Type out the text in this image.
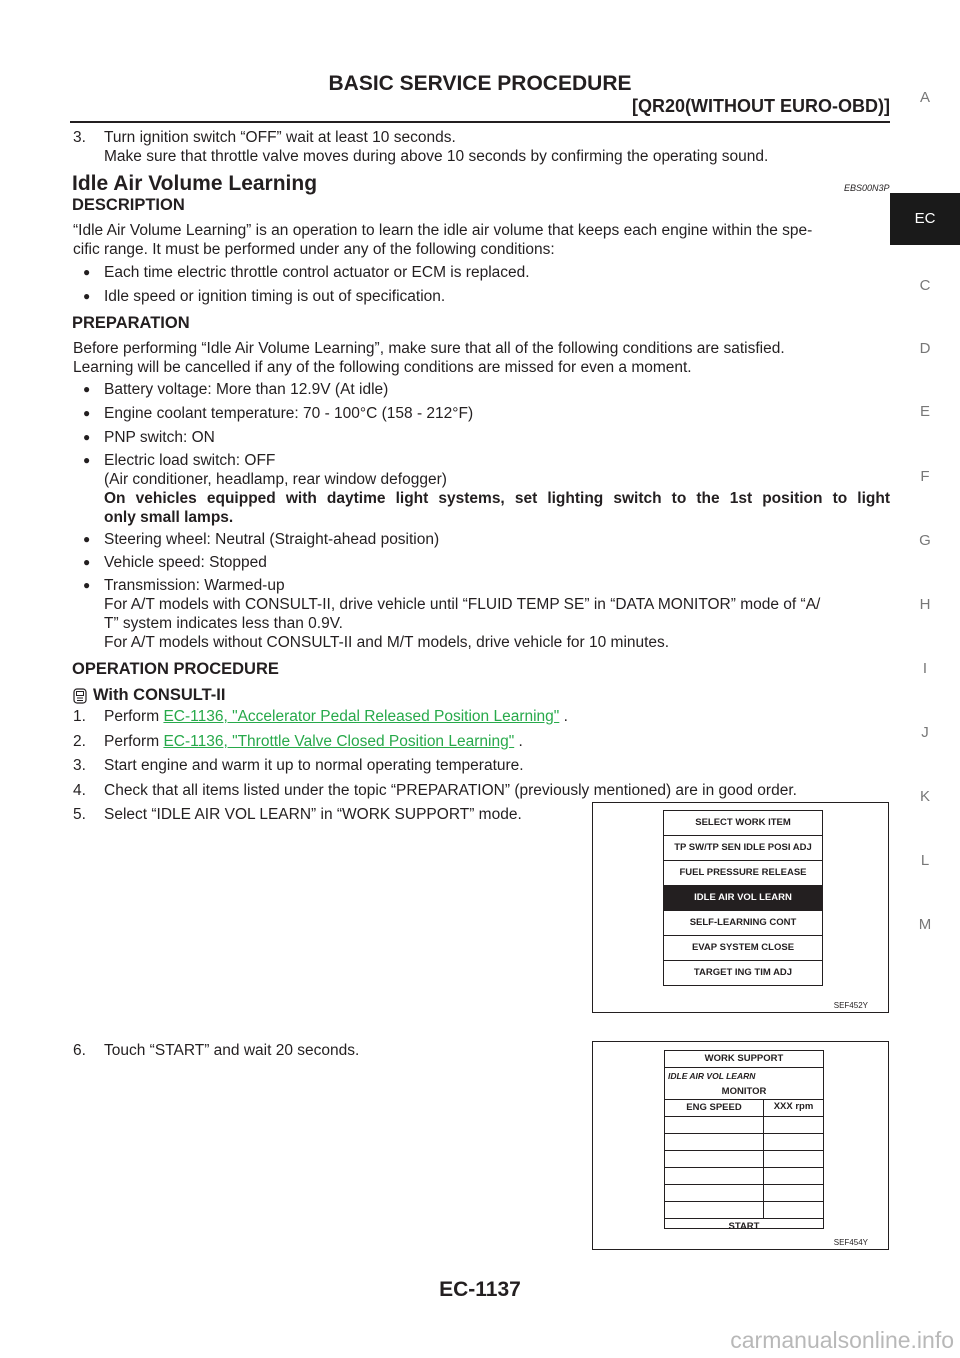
BASIC SERVICE PROCEDURE
[QR20(WITHOUT EURO-OBD)]	A
EC
C
D
E
F
G
H
I
J
K
L
M
3. Turn ignition switch “OFF” wait at least 10 seconds.
Make sure that throttle valve moves during above 10 seconds by confirming the operating sound.
Idle Air Volume Learning	EBS00N3P
DESCRIPTION
“Idle Air Volume Learning” is an operation to learn the idle air volume that keeps each engine within the spe-
cific range. It must be performed under any of the following conditions:
● Each time electric throttle control actuator or ECM is replaced.
● Idle speed or ignition timing is out of specification.
PREPARATION
Before performing “Idle Air Volume Learning”, make sure that all of the following conditions are satisfied.
Learning will be cancelled if any of the following conditions are missed for even a moment.
● Battery voltage: More than 12.9V (At idle)
● Engine coolant temperature: 70 - 100°C (158 - 212°F)
● PNP switch: ON
● Electric load switch: OFF
(Air conditioner, headlamp, rear window defogger)
On vehicles equipped with daytime light systems, set lighting switch to the 1st position to light
only small lamps.
● Steering wheel: Neutral (Straight-ahead position)
● Vehicle speed: Stopped
● Transmission: Warmed-up
For A/T models with CONSULT-II, drive vehicle until “FLUID TEMP SE” in “DATA MONITOR” mode of “A/
T” system indicates less than 0.9V.
For A/T models without CONSULT-II and M/T models, drive vehicle for 10 minutes.
OPERATION PROCEDURE
With CONSULT-II
1. Perform EC-1136, "Accelerator Pedal Released Position Learning" .
2. Perform EC-1136, "Throttle Valve Closed Position Learning" .
3. Start engine and warm it up to normal operating temperature.
4. Check that all items listed under the topic “PREPARATION” (previously mentioned) are in good order.
5. Select “IDLE AIR VOL LEARN” in “WORK SUPPORT” mode.
6. Touch “START” and wait 20 seconds.
SELECT WORK ITEM
TP SW/TP SEN IDLE POSI ADJ
FUEL PRESSURE RELEASE
IDLE AIR VOL LEARN
SELF-LEARNING CONT
EVAP SYSTEM CLOSE
TARGET ING TIM ADJ
SEF452Y
WORK SUPPORT
IDLE AIR VOL LEARN
MONITOR
ENG SPEED	XXX rpm
START
SEF454Y
EC-1137
carmanualsonline.info
